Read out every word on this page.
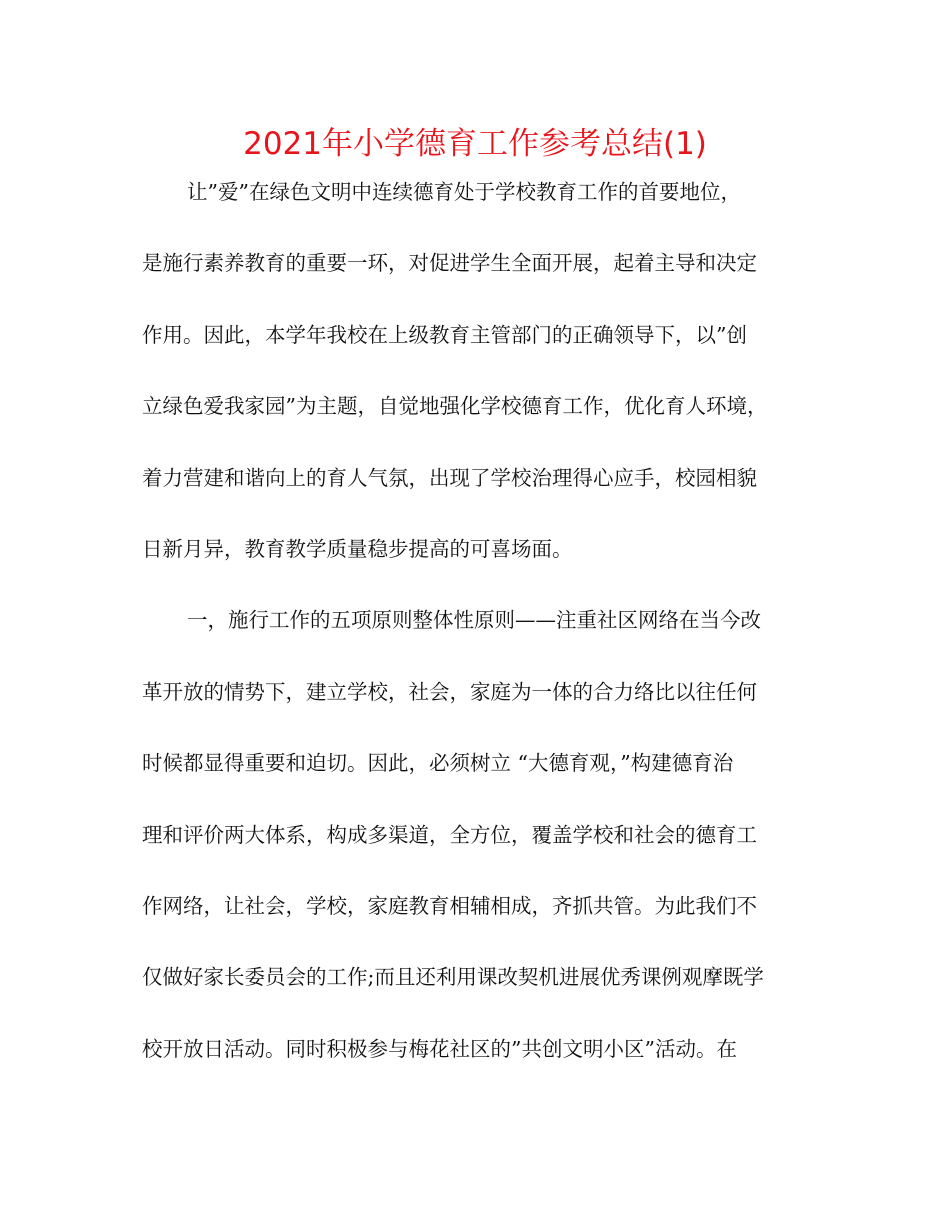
2021年小学德育工作参考总结(1)
让”爱”在绿色文明中连续德育处于学校教育工作的首要地位，
是施行素养教育的重要一环，对促进学生全面开展，起着主导和决定
作用。因此，本学年我校在上级教育主管部门的正确领导下，以”创
立绿色爱我家园”为主题，自觉地强化学校德育工作，优化育人环境，
着力营建和谐向上的育人气氛，出现了学校治理得心应手，校园相貌
日新月异，教育教学质量稳步提高的可喜场面。
一，施行工作的五项原则整体性原则——注重社区网络在当今改
革开放的情势下，建立学校，社会，家庭为一体的合力络比以往任何
时候都显得重要和迫切。因此，必须树立 “大德育观，”构建德育治
理和评价两大体系，构成多渠道，全方位，覆盖学校和社会的德育工
作网络，让社会，学校，家庭教育相辅相成，齐抓共管。为此我们不
仅做好家长委员会的工作;而且还利用课改契机进展优秀课例观摩既学
校开放日活动。同时积极参与梅花社区的”共创文明小区”活动。在
